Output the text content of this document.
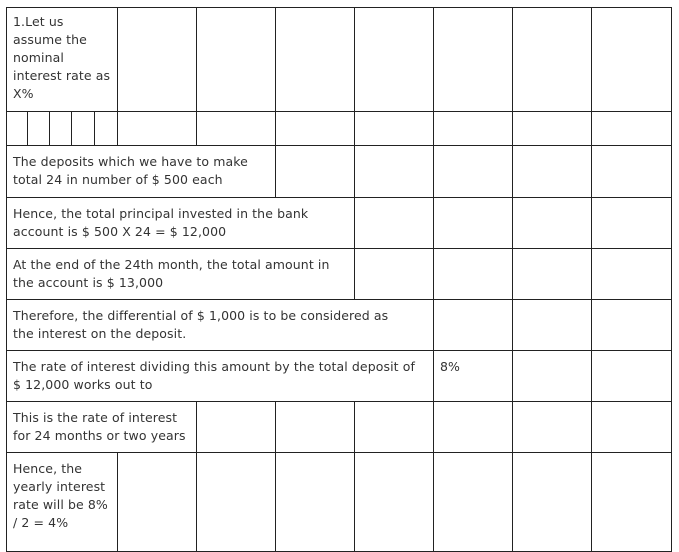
1.Let us assume the nominal interest rate as X%
The deposits which we have to make total 24 in number of $ 500 each
Hence, the total principal invested in the bank account is $ 500 X 24 = $ 12,000
At the end of the 24th month, the total amount in the account is $ 13,000
Therefore, the differential of $ 1,000 is to be considered as the interest on the deposit.
The rate of interest dividing this amount by the total deposit of $ 12,000 works out to
8%
This is the rate of interest for 24 months or two years
Hence, the yearly interest rate will be 8% / 2 = 4%
